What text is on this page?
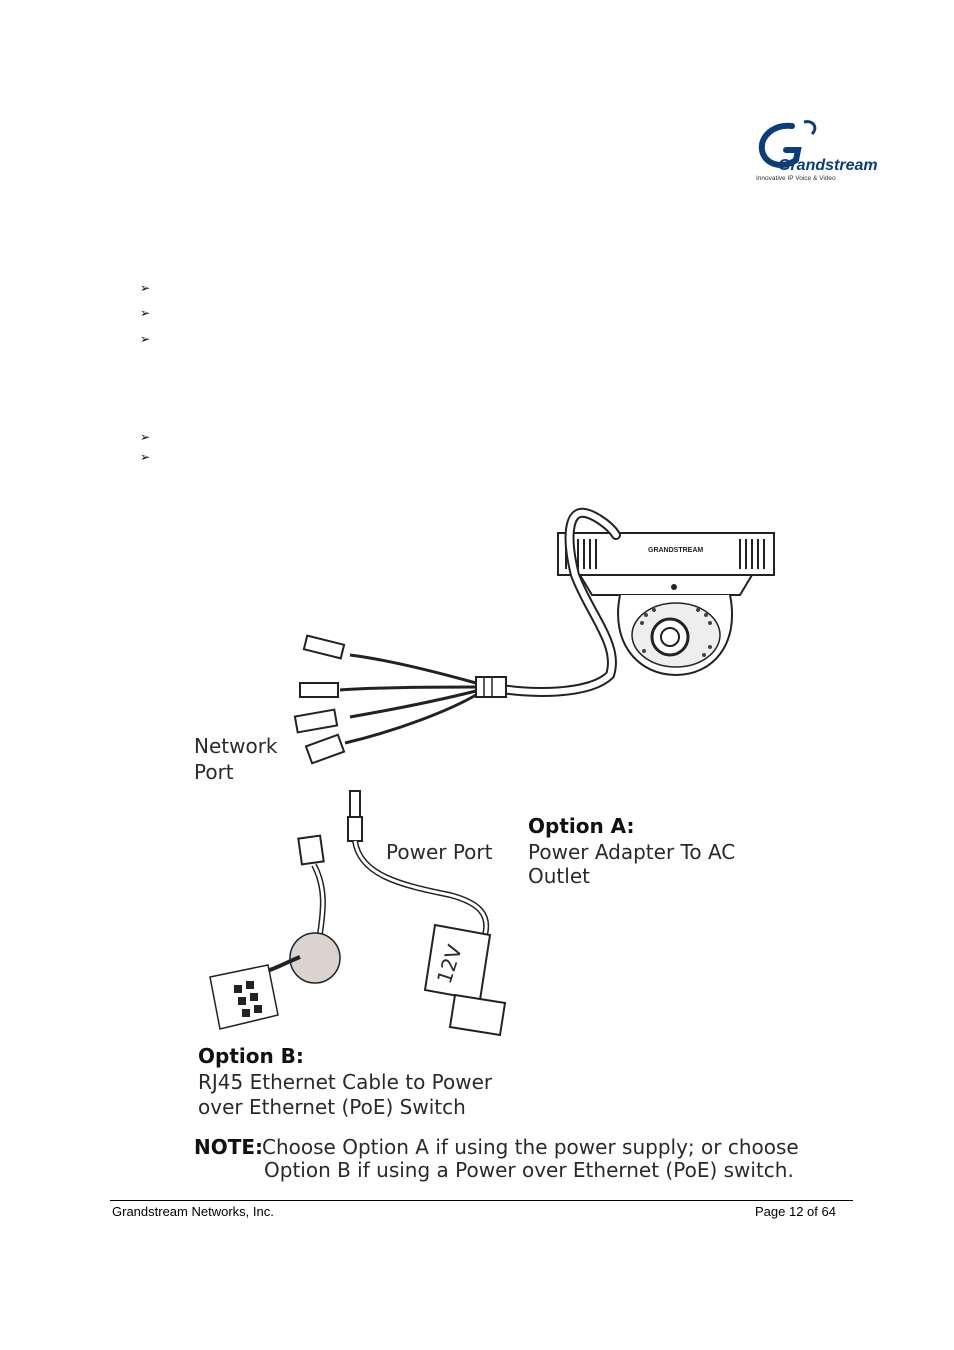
Grandstream
Innovative IP Voice & Video
➢
➢
➢
➢
➢
GRANDSTREAM
Network
Port
12V
Power Port
Option A:
Power Adapter To AC
Outlet
Option B:
RJ45 Ethernet Cable to Power
over Ethernet (PoE) Switch
NOTE:
Choose Option A if using the power supply; or choose
Option B if using a Power over Ethernet (PoE) switch.
Grandstream Networks, Inc.	Page 12 of 64
